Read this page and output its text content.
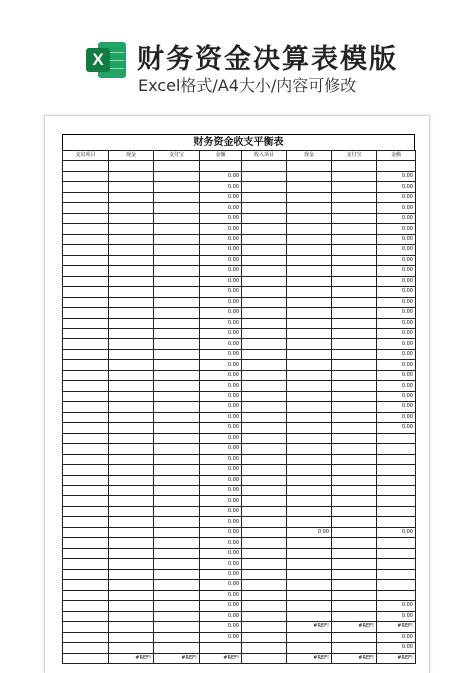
X 财务资金决算表模版
Excel格式/A4大小/内容可修改
财务资金收支平衡表
支出项目	现金	支付宝	金额	收入项目	现金	支付宝	金额

			0.00				0.00
			0.00				0.00
			0.00				0.00
			0.00				0.00
			0.00				0.00
			0.00				0.00
			0.00				0.00
			0.00				0.00
			0.00				0.00
			0.00				0.00
			0.00				0.00
			0.00				0.00
			0.00				0.00
			0.00				0.00
			0.00				0.00
			0.00				0.00
			0.00				0.00
			0.00				0.00
			0.00				0.00
			0.00				0.00
			0.00				0.00
			0.00				0.00
			0.00				0.00
			0.00				0.00
			0.00				0.00
			0.00				
			0.00				
			0.00				
			0.00				
			0.00				
			0.00				
			0.00				
			0.00				
			0.00				
			0.00		0.00		0.00
			0.00				
			0.00				
			0.00				
			0.00				
			0.00				
			0.00				
			0.00				0.00
			0.00				0.00
			0.00		#REF!	#REF!	#REF!
			0.00				0.00
							0.00
	#REF!	#REF!	#REF!		#REF!	#REF!	#REF!
